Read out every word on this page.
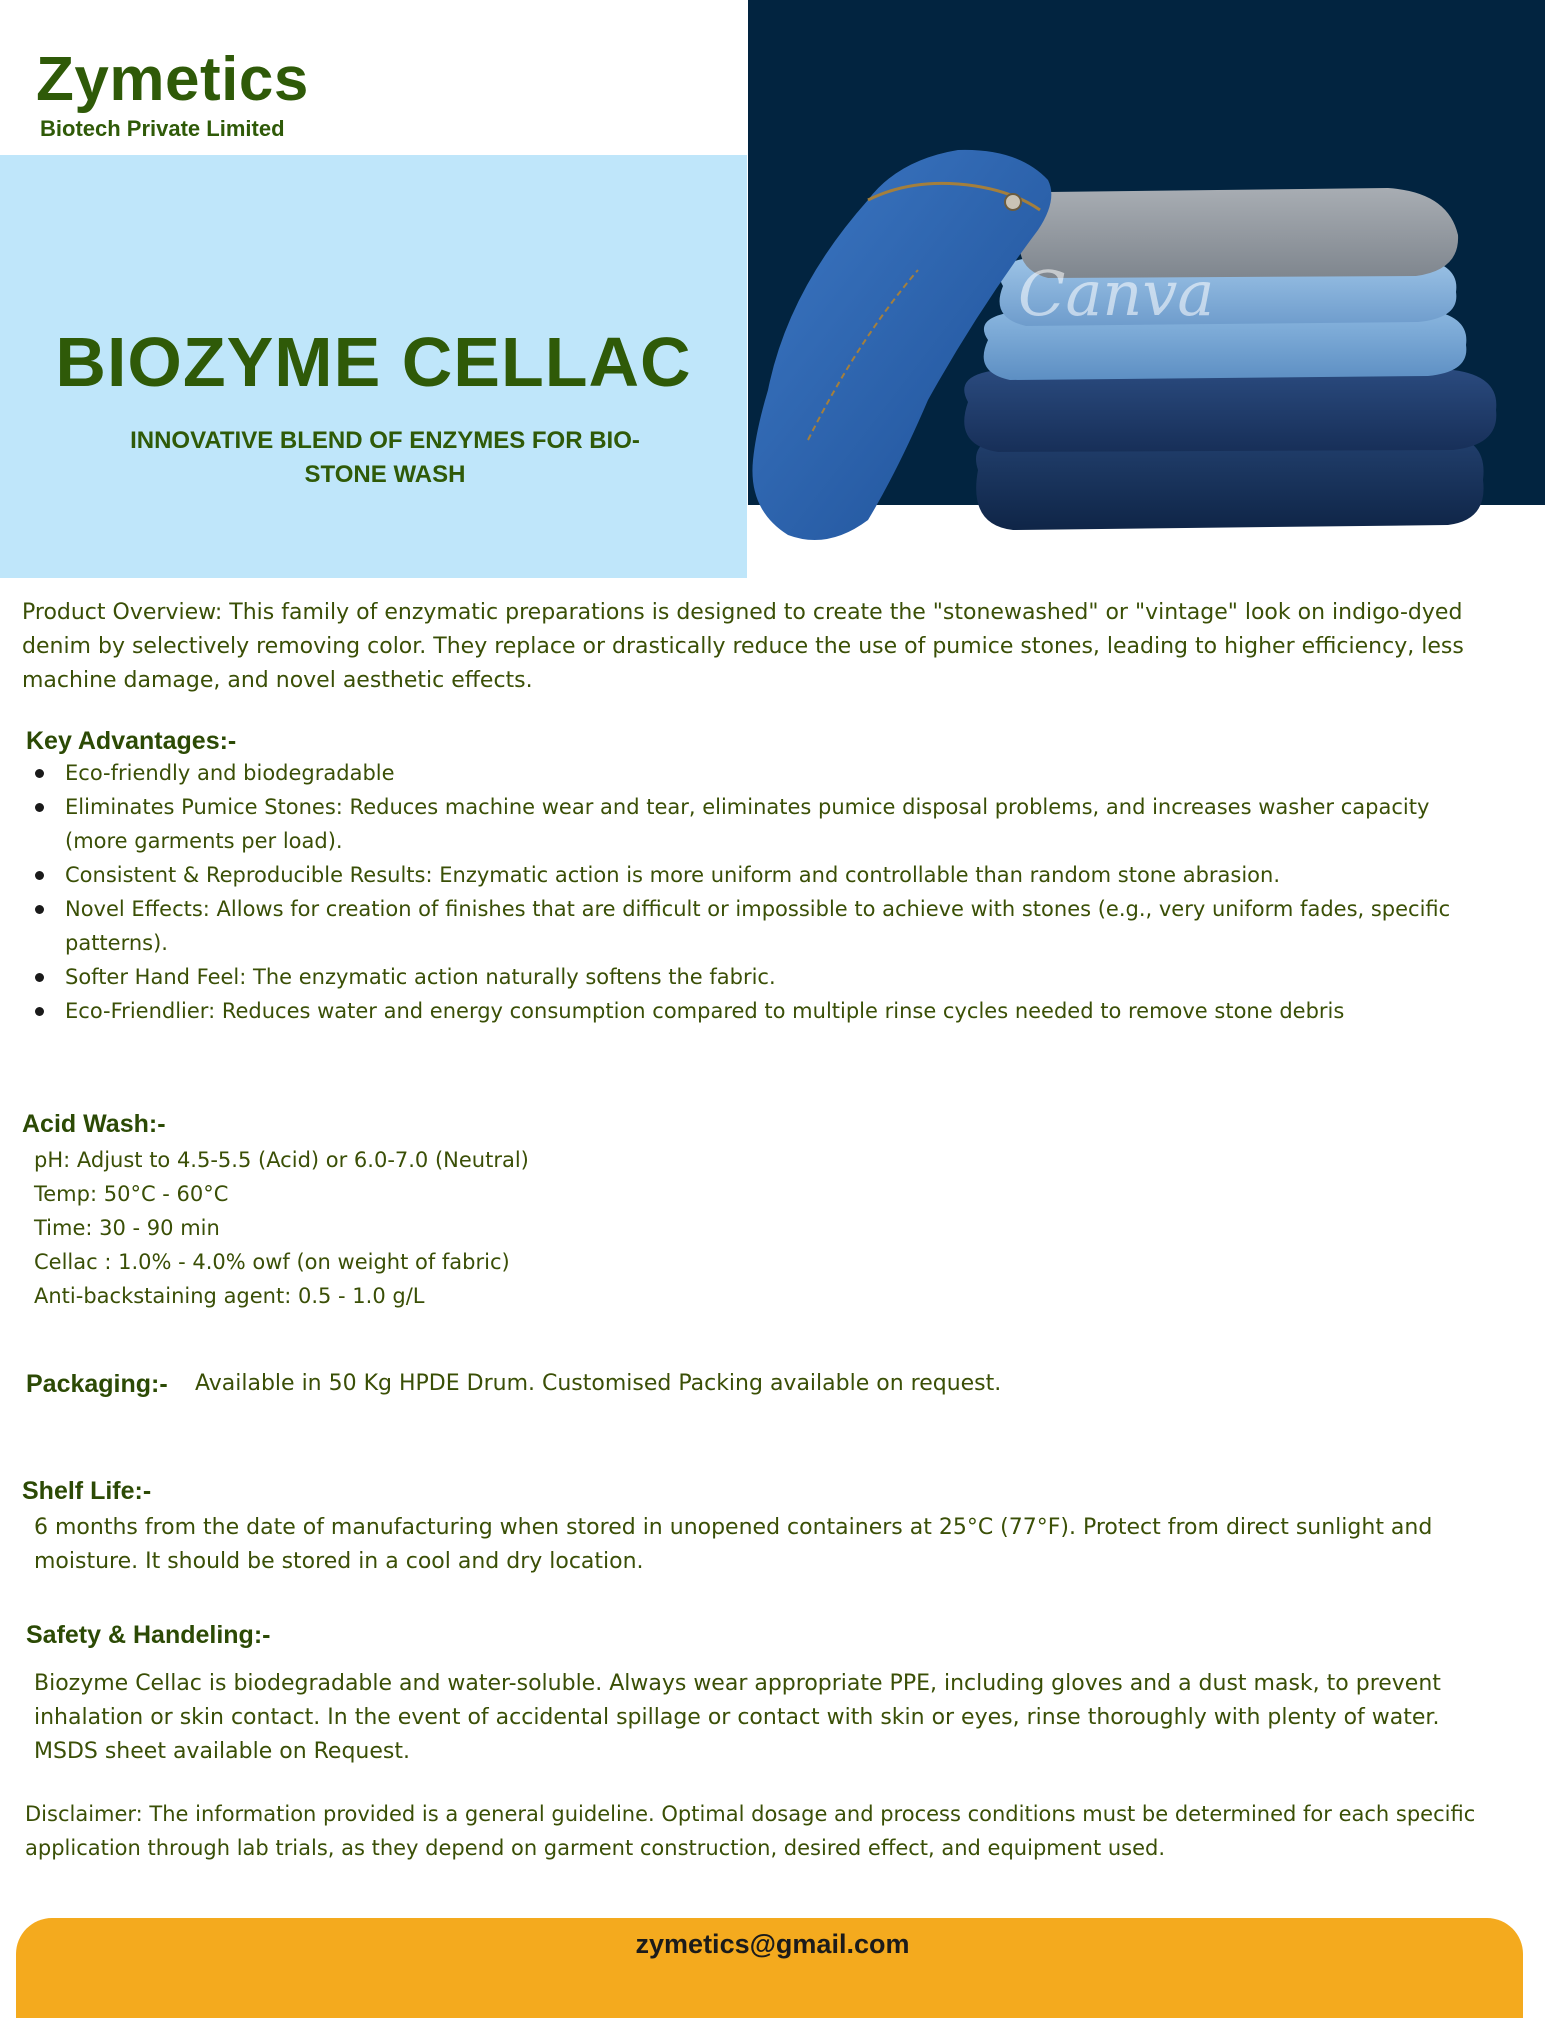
Zymetics
Biotech Private Limited
BIOZYME CELLAC
INNOVATIVE BLEND OF ENZYMES FOR BIO-
STONE WASH
Canva
Product Overview: This family of enzymatic preparations is designed to create the "stonewashed" or "vintage" look on indigo-dyed denim by selectively removing color. They replace or drastically reduce the use of pumice stones, leading to higher efficiency, less machine damage, and novel aesthetic effects.
Key Advantages:-
Eco-friendly and biodegradable
Eliminates Pumice Stones: Reduces machine wear and tear, eliminates pumice disposal problems, and increases washer capacity (more garments per load).
Consistent & Reproducible Results: Enzymatic action is more uniform and controllable than random stone abrasion.
Novel Effects: Allows for creation of finishes that are difficult or impossible to achieve with stones (e.g., very uniform fades, specific patterns).
Softer Hand Feel: The enzymatic action naturally softens the fabric.
Eco-Friendlier: Reduces water and energy consumption compared to multiple rinse cycles needed to remove stone debris
Acid Wash:-
pH: Adjust to 4.5-5.5 (Acid) or 6.0-7.0 (Neutral)
Temp: 50°C - 60°C
Time: 30 - 90 min
Cellac : 1.0% - 4.0% owf (on weight of fabric)
Anti-backstaining agent: 0.5 - 1.0 g/L
Packaging:- Available in 50 Kg HPDE Drum. Customised Packing available on request.
Shelf Life:-
6 months from the date of manufacturing when stored in unopened containers at 25°C (77°F). Protect from direct sunlight and moisture. It should be stored in a cool and dry location.
Safety & Handeling:-
Biozyme Cellac is biodegradable and water-soluble. Always wear appropriate PPE, including gloves and a dust mask, to prevent inhalation or skin contact. In the event of accidental spillage or contact with skin or eyes, rinse thoroughly with plenty of water. MSDS sheet available on Request.
Disclaimer: The information provided is a general guideline. Optimal dosage and process conditions must be determined for each specific application through lab trials, as they depend on garment construction, desired effect, and equipment used.
zymetics@gmail.com
